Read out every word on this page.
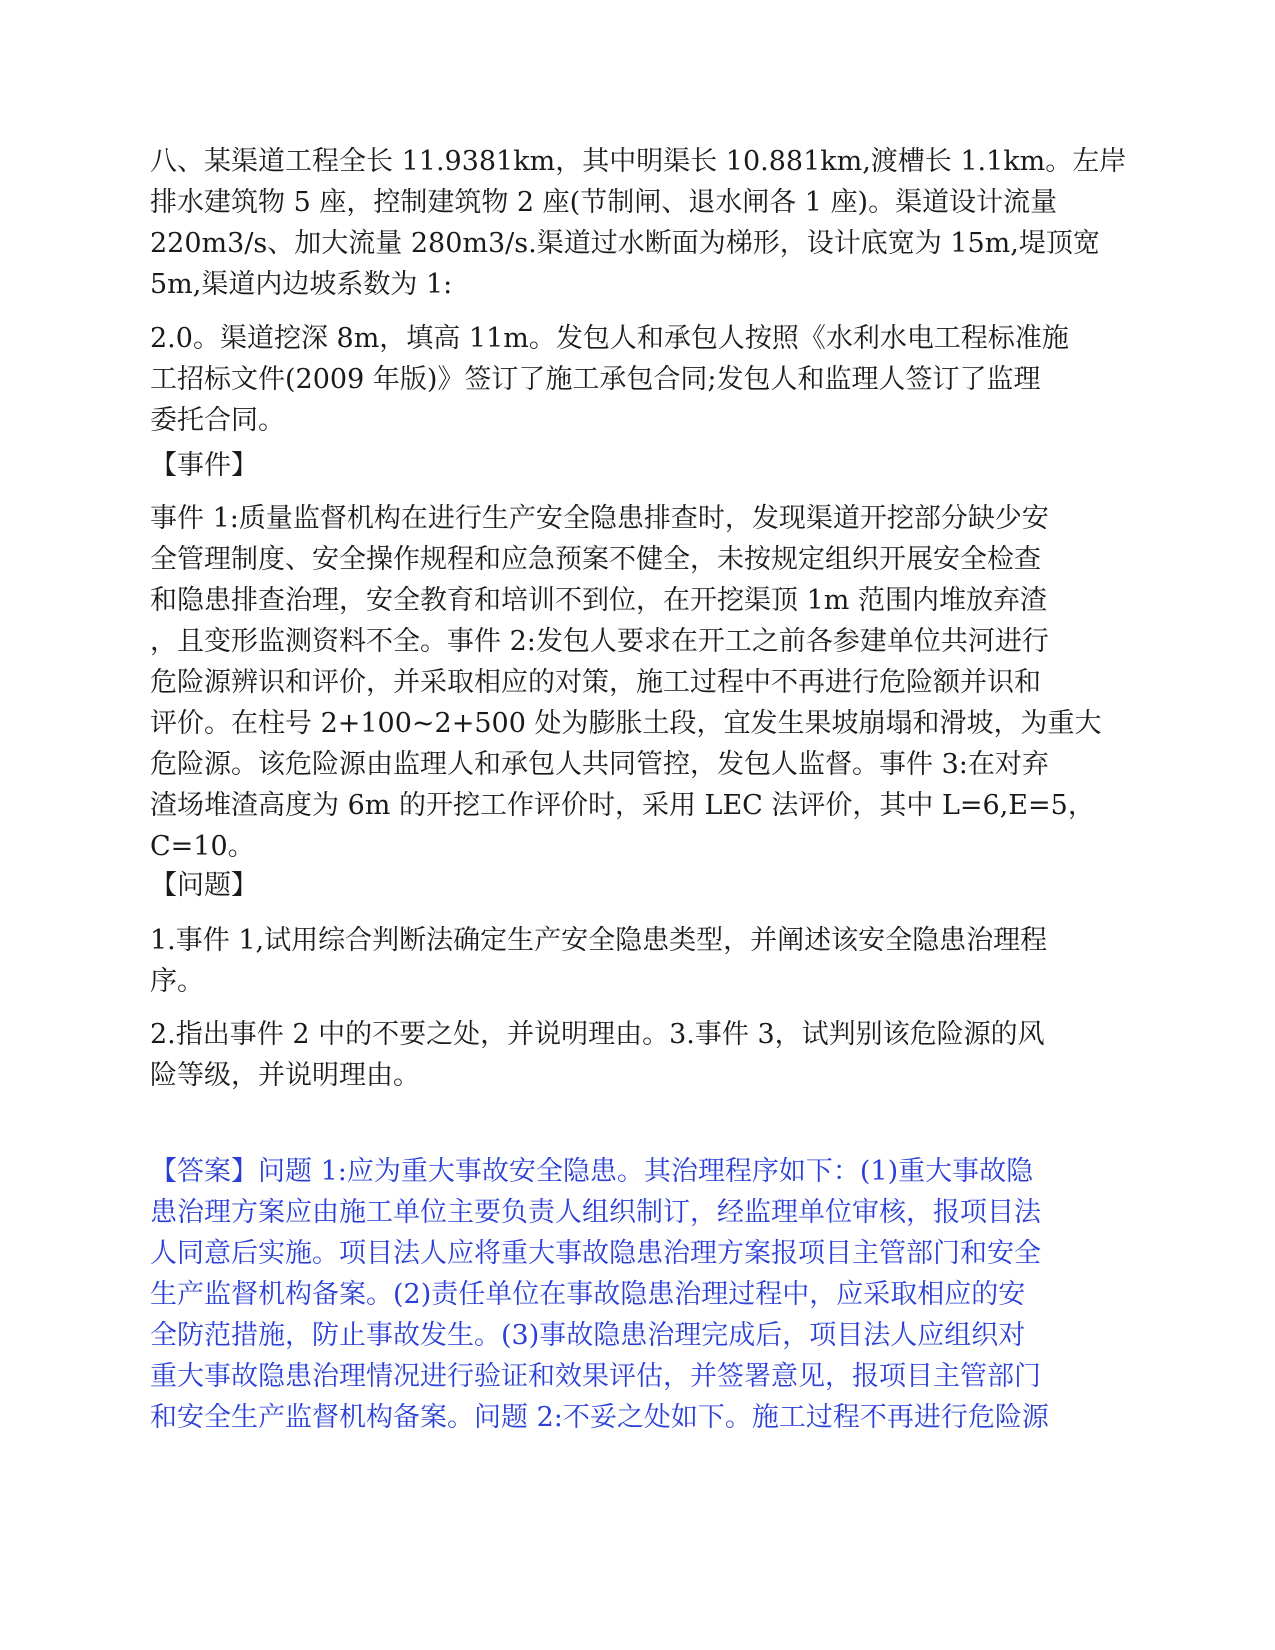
八、某渠道工程全长 11.9381km，其中明渠长 10.881km,渡槽长 1.1km。左岸
排水建筑物 5 座，控制建筑物 2 座(节制闸、退水闸各 1 座)。渠道设计流量
220m3/s、加大流量 280m3/s.渠道过水断面为梯形，设计底宽为 15m,堤顶宽
5m,渠道内边坡系数为 1:

2.0。渠道挖深 8m，填高 11m。发包人和承包人按照《水利水电工程标准施
工招标文件(2009 年版)》签订了施工承包合同;发包人和监理人签订了监理
委托合同。

【事件】

事件 1:质量监督机构在进行生产安全隐患排查时，发现渠道开挖部分缺少安
全管理制度、安全操作规程和应急预案不健全，未按规定组织开展安全检查
和隐患排查治理，安全教育和培训不到位，在开挖渠顶 1m 范围内堆放弃渣
，且变形监测资料不全。事件 2:发包人要求在开工之前各参建单位共河进行
危险源辨识和评价，并采取相应的对策，施工过程中不再进行危险额并识和
评价。在柱号 2+100~2+500 处为膨胀土段，宜发生果坡崩塌和滑坡，为重大
危险源。该危险源由监理人和承包人共同管控，发包人监督。事件 3:在对弃
渣场堆渣高度为 6m 的开挖工作评价时，采用 LEC 法评价，其中 L=6,E=5，
C=10。

【问题】

1.事件 1,试用综合判断法确定生产安全隐患类型，并阐述该安全隐患治理程
序。

2.指出事件 2 中的不要之处，并说明理由。3.事件 3，试判别该危险源的风
险等级，并说明理由。

【答案】问题 1:应为重大事故安全隐患。其治理程序如下：(1)重大事故隐
患治理方案应由施工单位主要负责人组织制订，经监理单位审核，报项目法
人同意后实施。项目法人应将重大事故隐患治理方案报项目主管部门和安全
生产监督机构备案。(2)责任单位在事故隐患治理过程中，应采取相应的安
全防范措施，防止事故发生。(3)事故隐患治理完成后，项目法人应组织对
重大事故隐患治理情况进行验证和效果评估，并签署意见，报项目主管部门
和安全生产监督机构备案。问题 2:不妥之处如下。施工过程不再进行危险源
